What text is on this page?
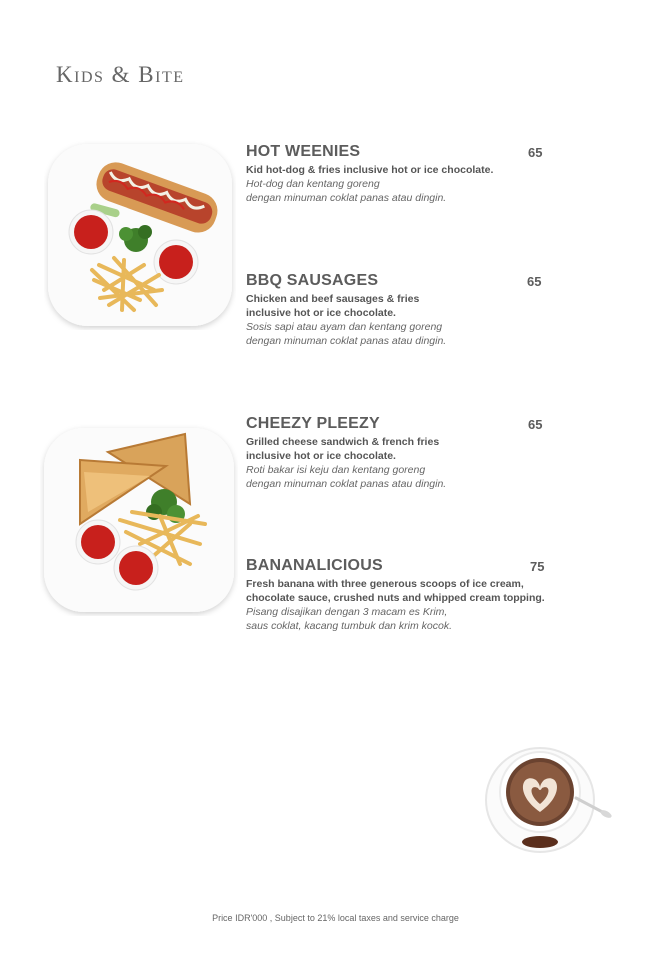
Kids & Bite
HOT WEENIES	65
Kid hot-dog & fries inclusive hot or ice chocolate.
Hot-dog dan kentang goreng
dengan minuman coklat panas atau dingin.
BBQ SAUSAGES	65
Chicken and beef sausages & fries
inclusive hot or ice chocolate.
Sosis sapi atau ayam dan kentang goreng
dengan minuman coklat panas atau dingin.
CHEEZY PLEEZY	65
Grilled cheese sandwich & french fries
inclusive hot or ice chocolate.
Roti bakar isi keju dan kentang goreng
dengan minuman coklat panas atau dingin.
BANANALICIOUS	75
Fresh banana with three generous scoops of ice cream,
chocolate sauce, crushed nuts and whipped cream topping.
Pisang disajikan dengan 3 macam es Krim,
saus coklat, kacang tumbuk dan krim kocok.
Price IDR'000 , Subject to 21% local taxes and service charge
